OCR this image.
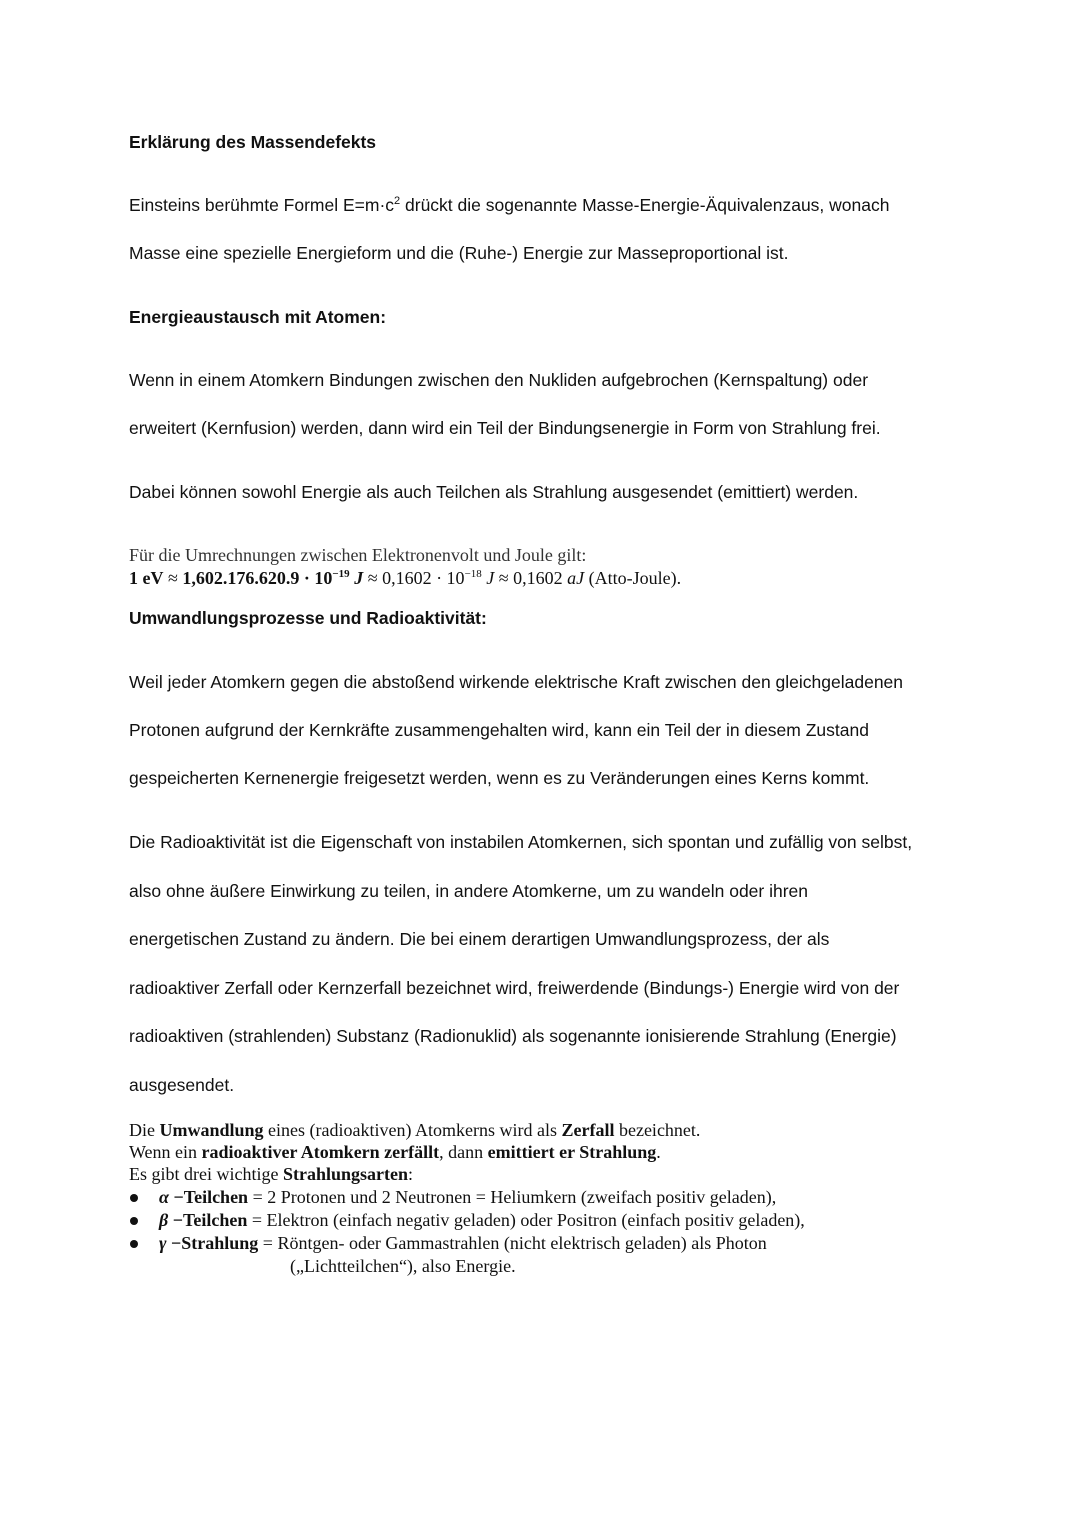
Erklärung des Massendefekts
Einsteins berühmte Formel $E=m\cdot c^2$ drückt die sogenannte Masse-Energie-Äquivalenzaus, wonach
Masse eine spezielle Energieform und die (Ruhe-) Energie zur Masseproportional ist.
Energieaustausch mit Atomen:
Wenn in einem Atomkern Bindungen zwischen den Nukliden aufgebrochen (Kernspaltung) oder
erweitert (Kernfusion) werden, dann wird ein Teil der Bindungsenergie in Form von Strahlung frei.
Dabei können sowohl Energie als auch Teilchen als Strahlung ausgesendet (emittiert) werden.
Für die Umrechnungen zwischen Elektronenvolt und Joule gilt:
1 eV ≈ $1,602.176.620.9 \cdot 10^{-19}$ $J \approx 0,1602 \cdot 10^{-18}$ J ≈ 0,1602 aJ (Atto-Joule).
Umwandlungsprozesse und Radioaktivität:
Weil jeder Atomkern gegen die abstoßend wirkende elektrische Kraft zwischen den gleichgeladenen
Protonen aufgrund der Kernkräfte zusammengehalten wird, kann ein Teil der in diesem Zustand
gespeicherten Kernenergie freigesetzt werden, wenn es zu Veränderungen eines Kerns kommt.
Die Radioaktivität ist die Eigenschaft von instabilen Atomkernen, sich spontan und zufällig von selbst,
also ohne äußere Einwirkung zu teilen, in andere Atomkerne, um zu wandeln oder ihren
energetischen Zustand zu ändern. Die bei einem derartigen Umwandlungsprozess, der als
radioaktiver Zerfall oder Kernzerfall bezeichnet wird, freiwerdende (Bindungs-) Energie wird von der
radioaktiven (strahlenden) Substanz (Radionuklid) als sogenannte ionisierende Strahlung (Energie)
ausgesendet.
Die Umwandlung eines (radioaktiven) Atomkerns wird als Zerfall bezeichnet.
Wenn ein radioaktiver Atomkern zerfällt, dann emittiert er Strahlung.
Es gibt drei wichtige Strahlungsarten:
α −Teilchen = 2 Protonen und 2 Neutronen = Heliumkern (zweifach positiv geladen),
β −Teilchen = Elektron (einfach negativ geladen) oder Positron (einfach positiv geladen),
γ −Strahlung = Röntgen- oder Gammastrahlen (nicht elektrisch geladen) als Photon
(„Lichtteilchen“), also Energie.
